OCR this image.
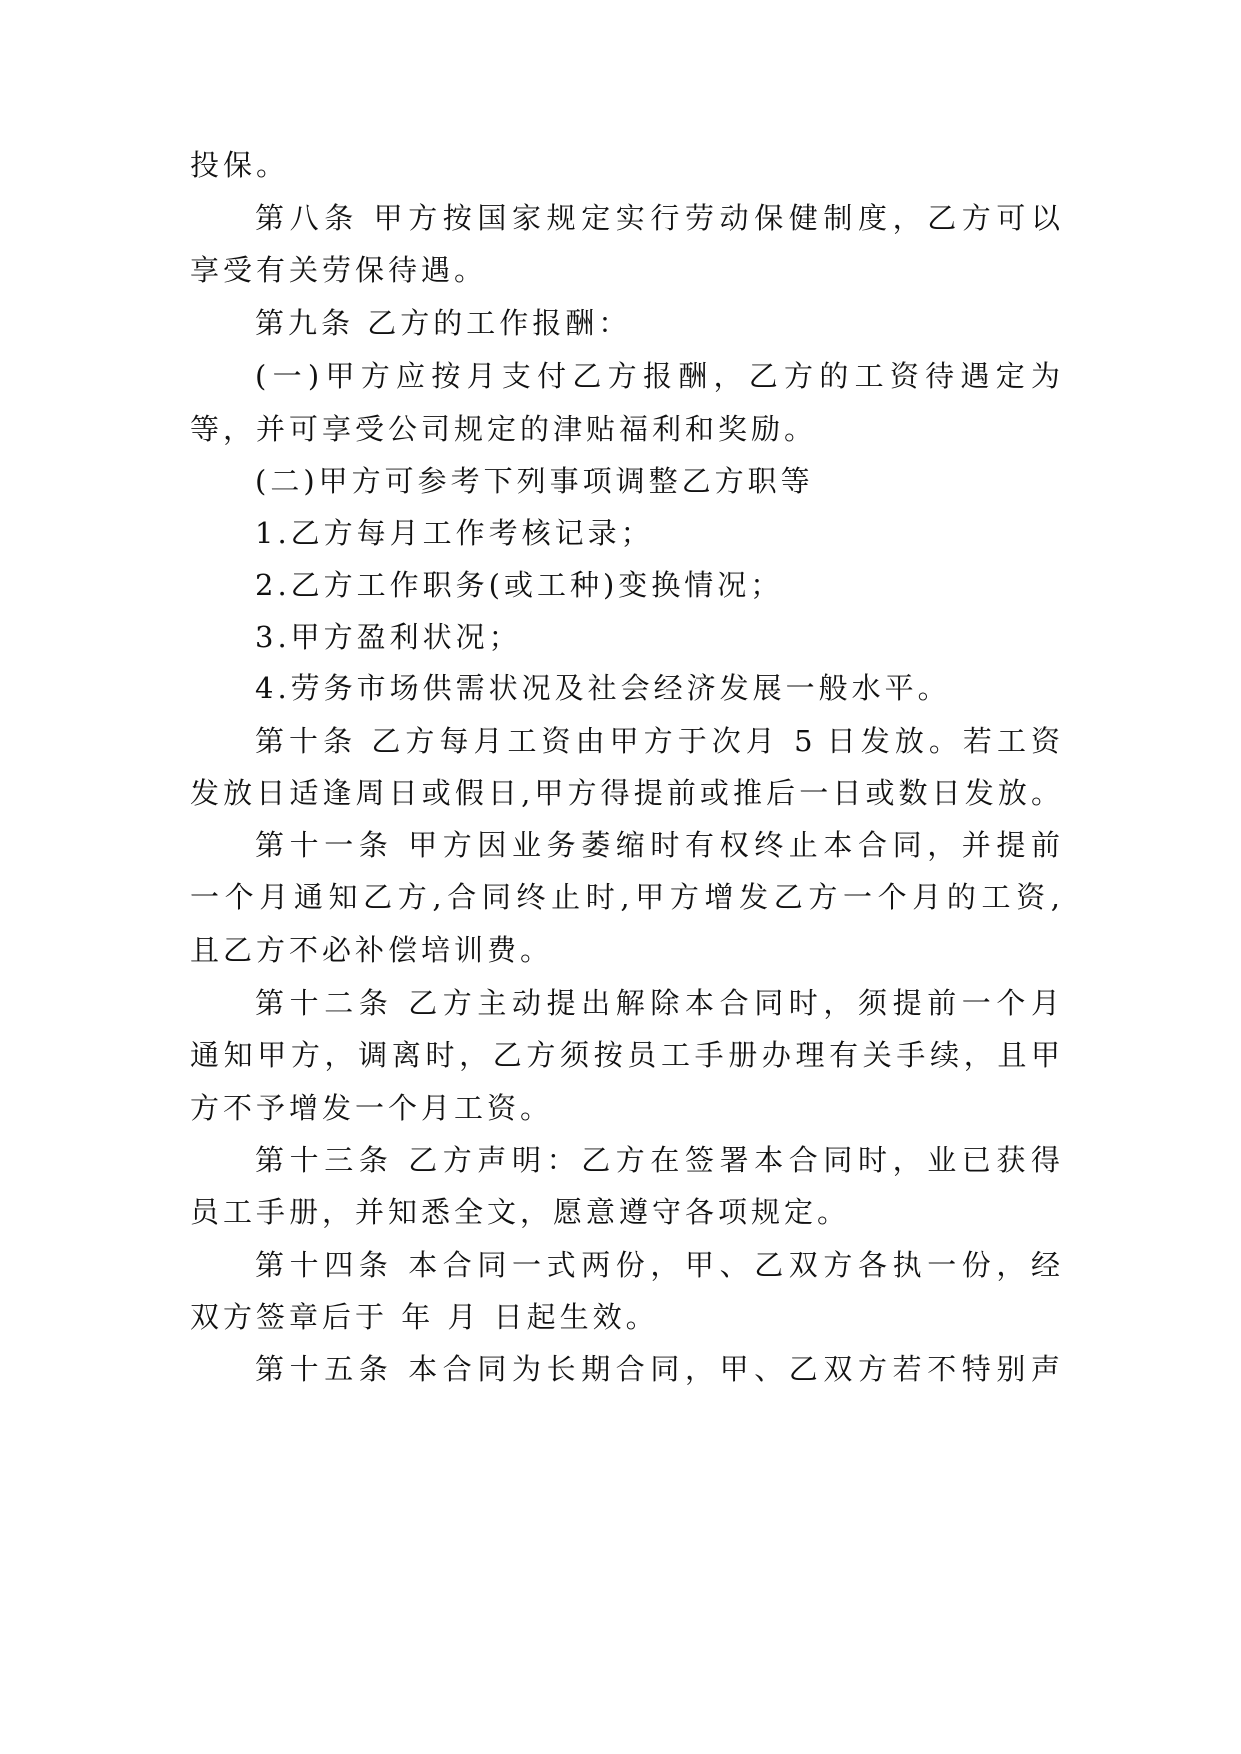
投保。
第八条 甲方按国家规定实行劳动保健制度，乙方可以
享受有关劳保待遇。
第九条 乙方的工作报酬：
(一)甲方应按月支付乙方报酬，乙方的工资待遇定为
等，并可享受公司规定的津贴福利和奖励。
(二)甲方可参考下列事项调整乙方职等
1.乙方每月工作考核记录；
2.乙方工作职务(或工种)变换情况；
3.甲方盈利状况；
4.劳务市场供需状况及社会经济发展一般水平。
第十条 乙方每月工资由甲方于次月 5 日发放。若工资
发放日适逢周日或假日,甲方得提前或推后一日或数日发放。
第十一条 甲方因业务萎缩时有权终止本合同，并提前
一个月通知乙方,合同终止时,甲方增发乙方一个月的工资,
且乙方不必补偿培训费。
第十二条 乙方主动提出解除本合同时，须提前一个月
通知甲方，调离时，乙方须按员工手册办理有关手续，且甲
方不予增发一个月工资。
第十三条 乙方声明：乙方在签署本合同时，业已获得
员工手册，并知悉全文，愿意遵守各项规定。
第十四条 本合同一式两份，甲、乙双方各执一份，经
双方签章后于 年 月 日起生效。
第十五条 本合同为长期合同，甲、乙双方若不特别声
